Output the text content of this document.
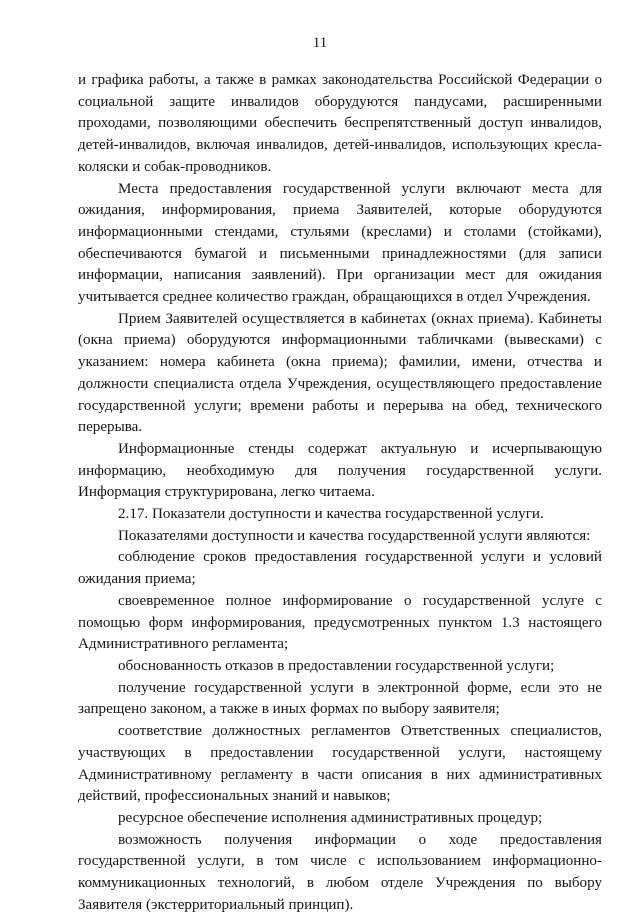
11

и графика работы, а также в рамках законодательства Российской Федерации о социальной защите инвалидов оборудуются пандусами, расширенными проходами, позволяющими обеспечить беспрепятственный доступ инвалидов, детей-инвалидов, включая инвалидов, детей-инвалидов, использующих кресла-коляски и собак-проводников.

Места предоставления государственной услуги включают места для ожидания, информирования, приема Заявителей, которые оборудуются информационными стендами, стульями (креслами) и столами (стойками), обеспечиваются бумагой и письменными принадлежностями (для записи информации, написания заявлений). При организации мест для ожидания учитывается среднее количество граждан, обращающихся в отдел Учреждения.

Прием Заявителей осуществляется в кабинетах (окнах приема). Кабинеты (окна приема) оборудуются информационными табличками (вывесками) с указанием: номера кабинета (окна приема); фамилии, имени, отчества и должности специалиста отдела Учреждения, осуществляющего предоставление государственной услуги; времени работы и перерыва на обед, технического перерыва.

Информационные стенды содержат актуальную и исчерпывающую информацию, необходимую для получения государственной услуги. Информация структурирована, легко читаема.

2.17. Показатели доступности и качества государственной услуги.

Показателями доступности и качества государственной услуги являются:

соблюдение сроков предоставления государственной услуги и условий ожидания приема;

своевременное полное информирование о государственной услуге с помощью форм информирования, предусмотренных пунктом 1.3 настоящего Административного регламента;

обоснованность отказов в предоставлении государственной услуги;

получение государственной услуги в электронной форме, если это не запрещено законом, а также в иных формах по выбору заявителя;

соответствие должностных регламентов Ответственных специалистов, участвующих в предоставлении государственной услуги, настоящему Административному регламенту в части описания в них административных действий, профессиональных знаний и навыков;

ресурсное обеспечение исполнения административных процедур;

возможность получения информации о ходе предоставления государственной услуги, в том числе с использованием информационно-коммуникационных технологий, в любом отделе Учреждения по выбору Заявителя (экстерриториальный принцип).
